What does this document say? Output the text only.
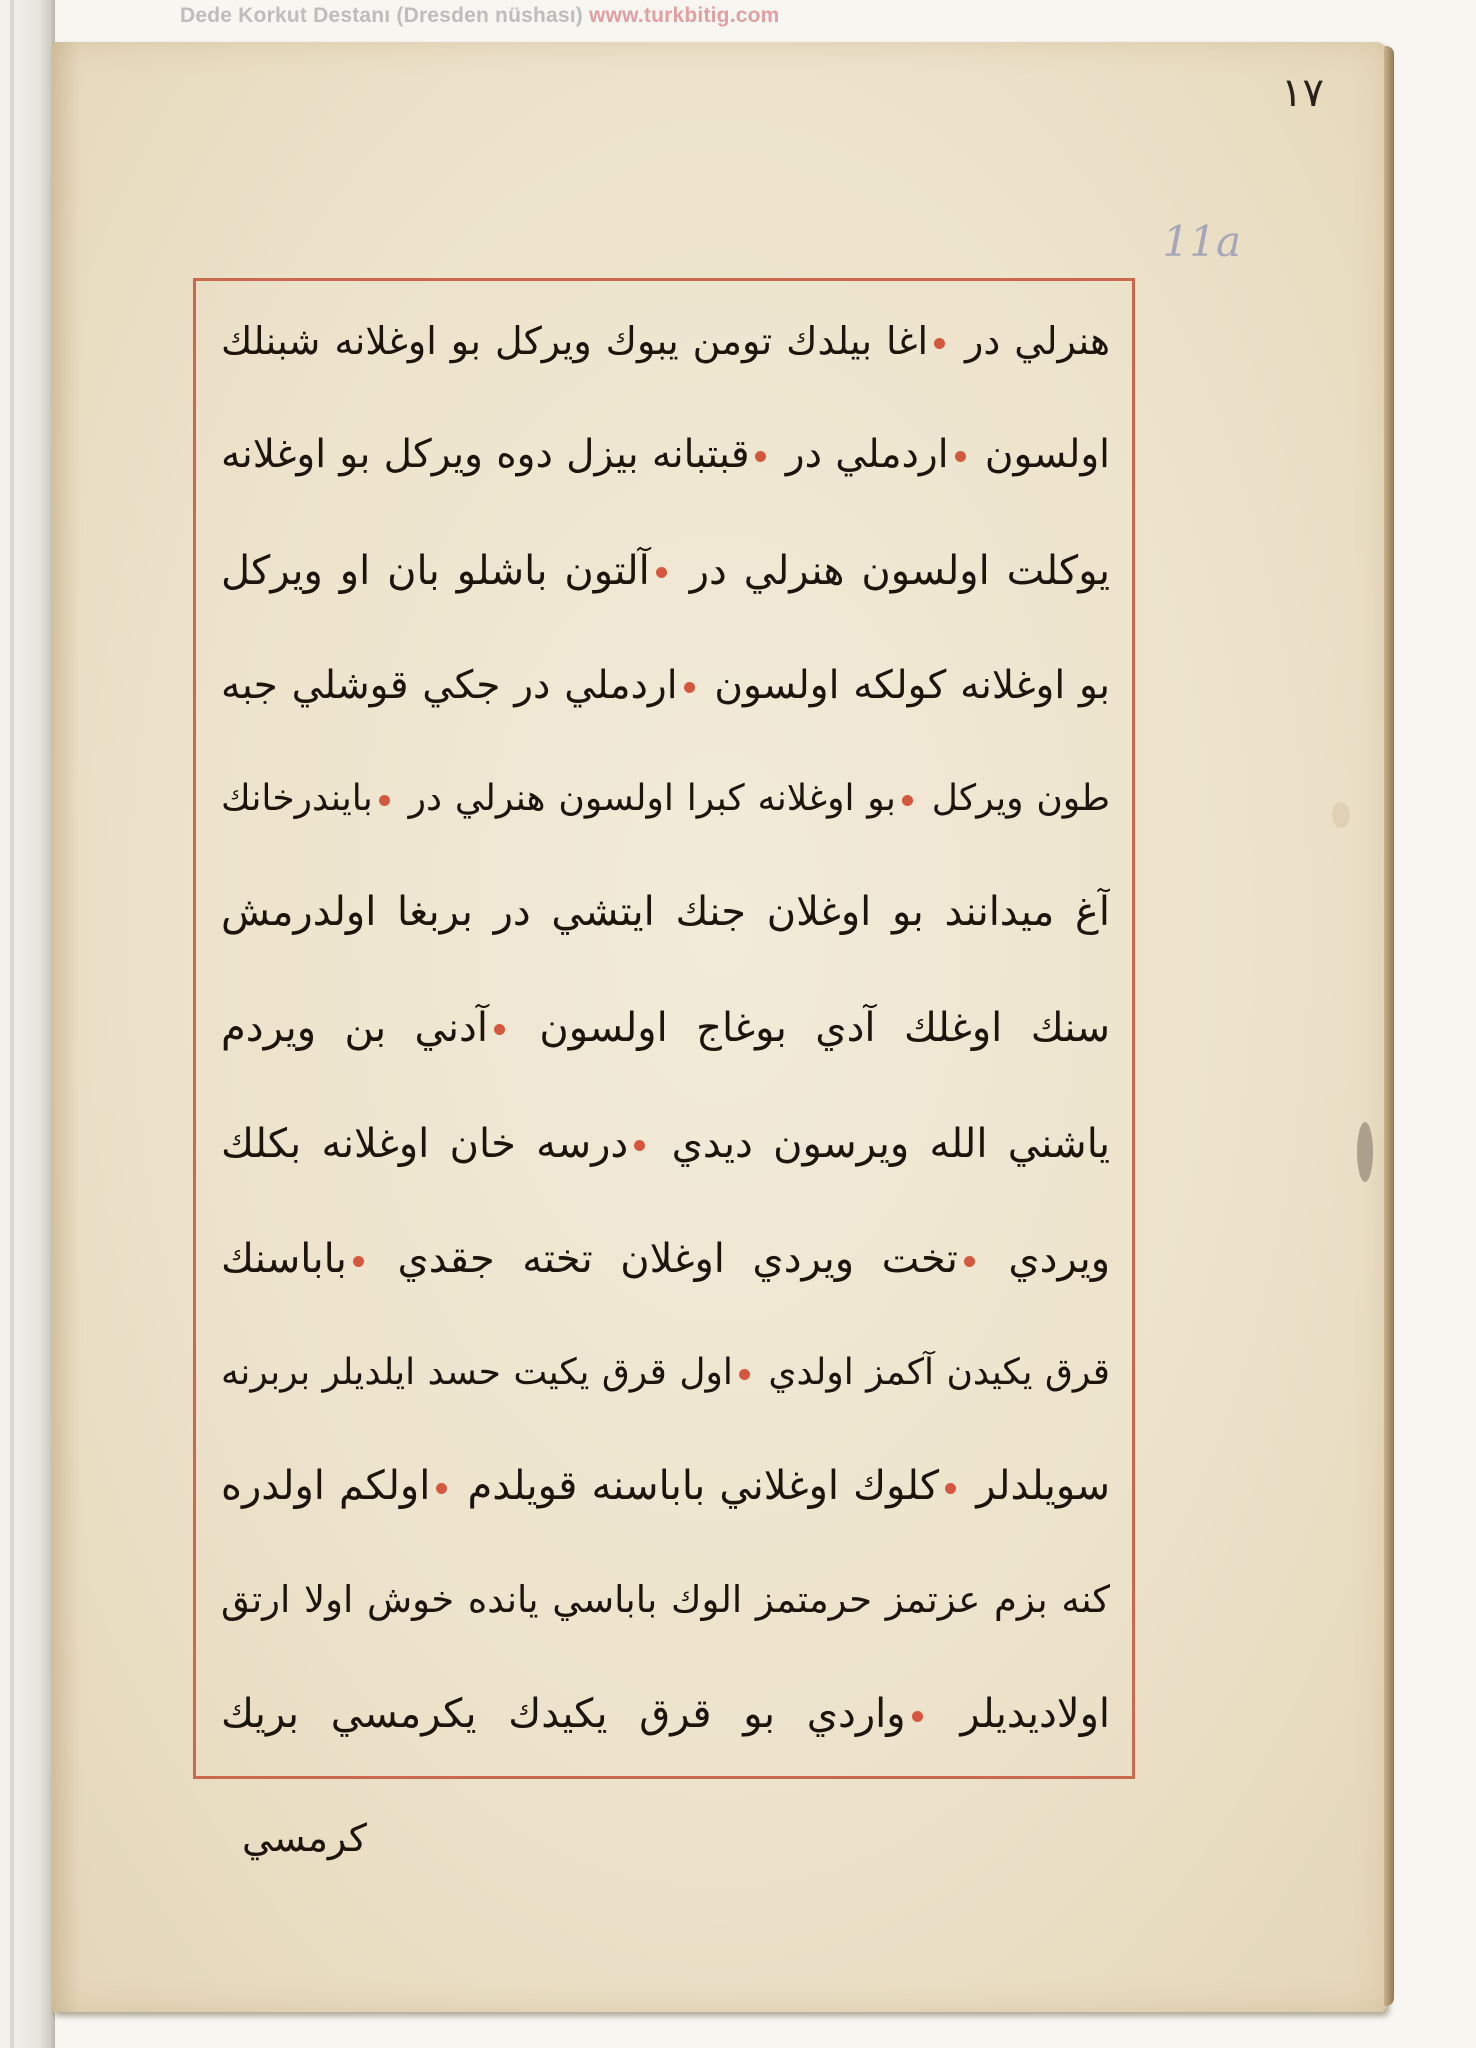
Dede Korkut Destanı (Dresden nüshası) www.turkbitig.com
١٧
11a
هنرلي در اغا بيلدك تومن يبوك ويركل بو اوغلانه شبنلك
اولسون اردملي در قبتبانه بيزل دوه ويركل بو اوغلانه
يوكلت اولسون هنرلي در آلتون باشلو بان او ويركل
بو اوغلانه كولكه اولسون اردملي در جكي قوشلي جبه
طون ويركل بو اوغلانه كبرا اولسون هنرلي در بايندرخانك
آغ ميدانند بو اوغلان جنك ايتشي در بربغا اولدرمش
سنك اوغلك آدي بوغاج اولسون آدني بن ويردم
ياشني الله ويرسون ديدي درسه خان اوغلانه بكلك
ويردي تخت ويردي اوغلان تخته جقدي باباسنك
قرق يكيدن آكمز اولدي اول قرق يكيت حسد ايلديلر بربرنه
سويلدلر كلوك اوغلاني باباسنه قويلدم اولكم اولدره
كنه بزم عزتمز حرمتمز الوك باباسي يانده خوش اولا ارتق
اولاديديلر واردي بو قرق يكيدك يكرمسي بريك
كرمسي
